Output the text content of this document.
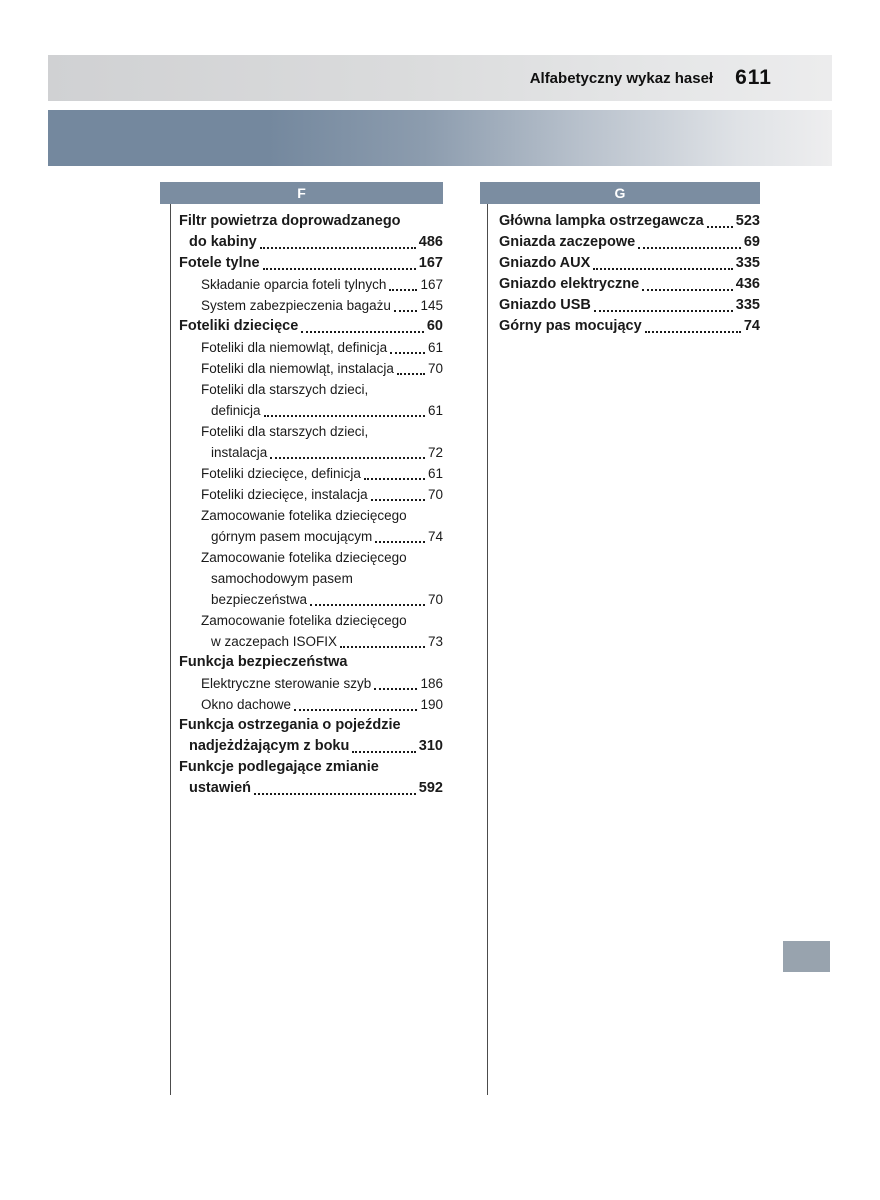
Alfabetyczny wykaz haseł 611
F
Filtr powietrza doprowadzanego
do kabiny	486
Fotele tylne	167
Składanie oparcia foteli tylnych	167
System zabezpieczenia bagażu 145
Foteliki dziecięce	60
Foteliki dla niemowląt, definicja	61
Foteliki dla niemowląt, instalacja	70
Foteliki dla starszych dzieci,
definicja	61
Foteliki dla starszych dzieci,
instalacja	72
Foteliki dziecięce, definicja	61
Foteliki dziecięce, instalacja	70
Zamocowanie fotelika dziecięcego
górnym pasem mocującym	74
Zamocowanie fotelika dziecięcego
samochodowym pasem
bezpieczeństwa	70
Zamocowanie fotelika dziecięcego
w zaczepach ISOFIX	73
Funkcja bezpieczeństwa
Elektryczne sterowanie szyb	186
Okno dachowe	190
Funkcja ostrzegania o pojeździe
nadjeżdżającym z boku	310
Funkcje podlegające zmianie
ustawień	592
G
Główna lampka ostrzegawcza 523
Gniazda zaczepowe	69
Gniazdo AUX	335
Gniazdo elektryczne	436
Gniazdo USB	335
Górny pas mocujący	74
